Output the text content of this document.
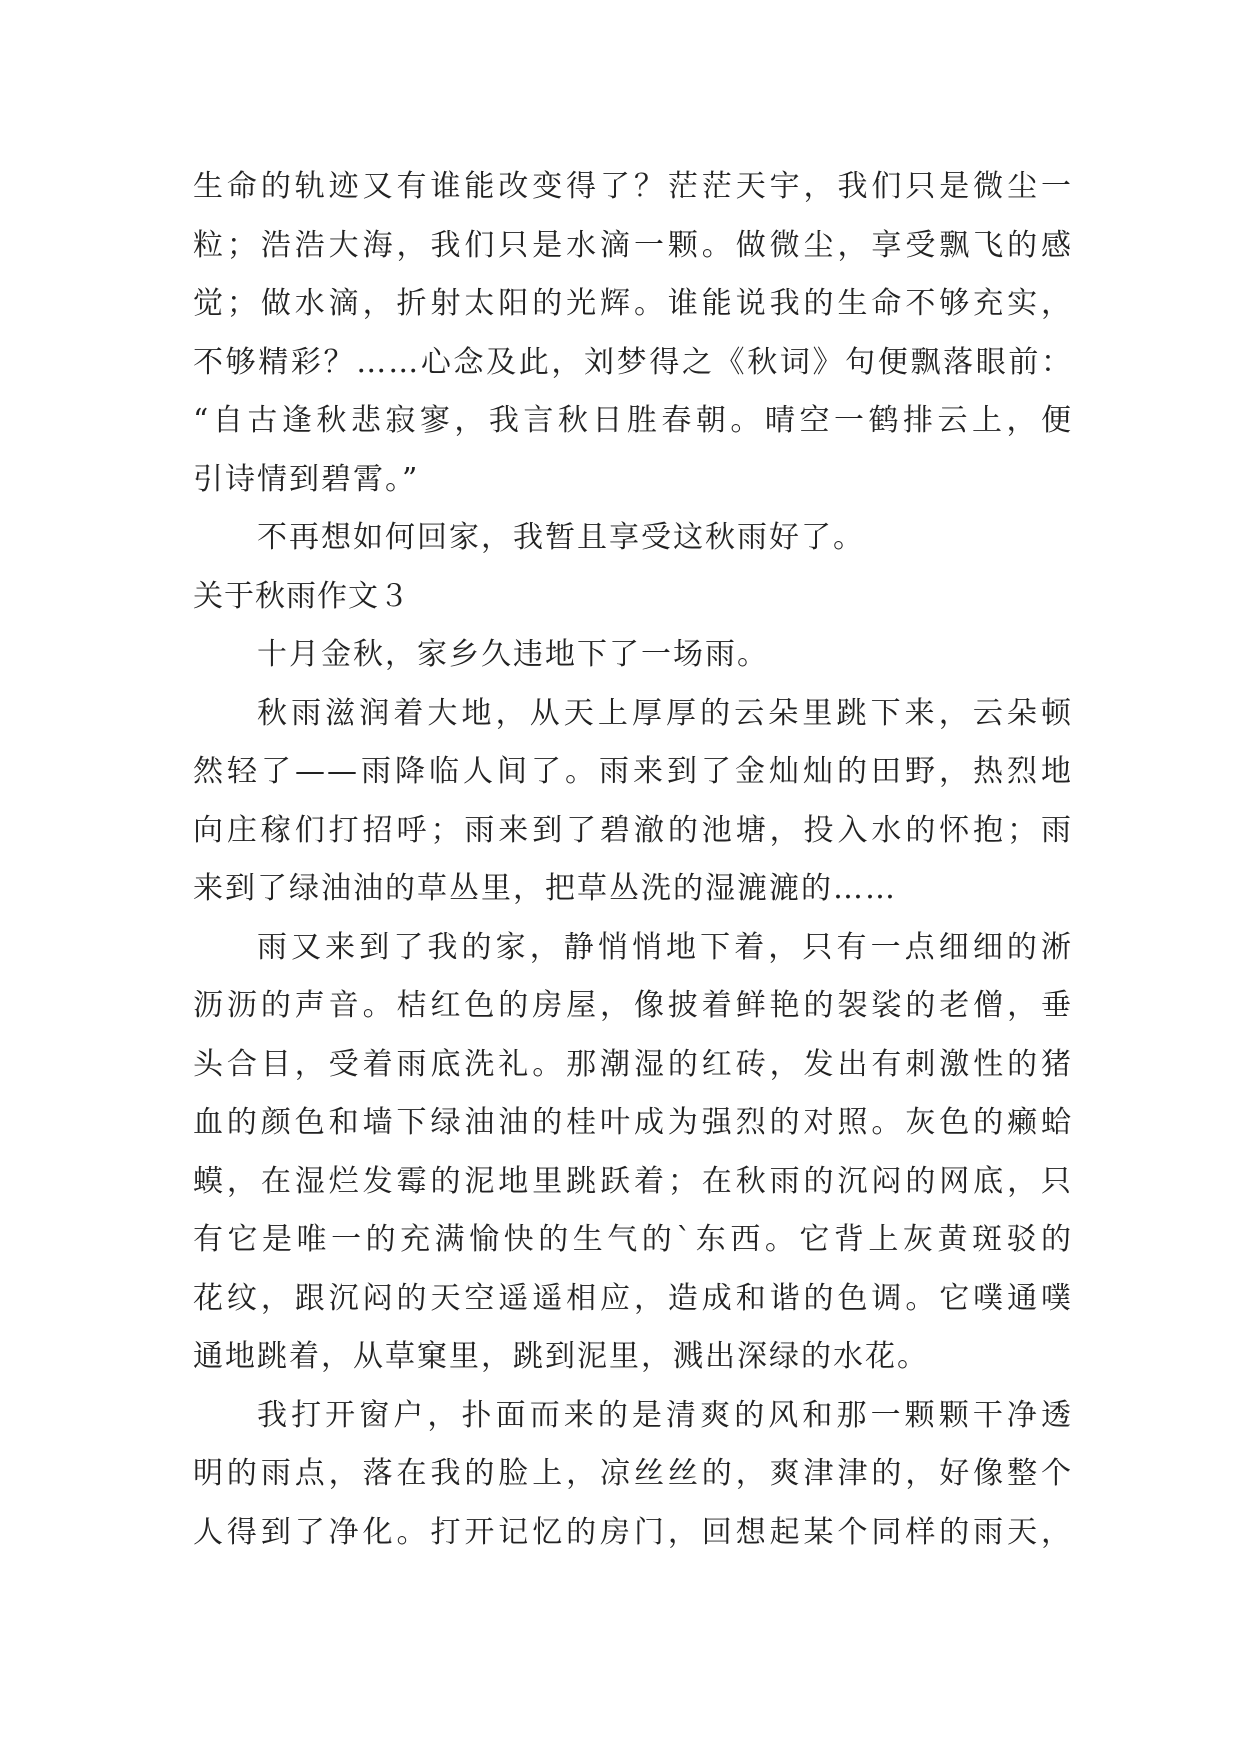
生命的轨迹又有谁能改变得了？茫茫天宇，我们只是微尘一
粒；浩浩大海，我们只是水滴一颗。做微尘，享受飘飞的感
觉；做水滴，折射太阳的光辉。谁能说我的生命不够充实，
不够精彩？……心念及此，刘梦得之《秋词》句便飘落眼前：
“自古逢秋悲寂寥，我言秋日胜春朝。晴空一鹤排云上，便
引诗情到碧霄。”
不再想如何回家，我暂且享受这秋雨好了。
关于秋雨作文３
十月金秋，家乡久违地下了一场雨。
秋雨滋润着大地，从天上厚厚的云朵里跳下来，云朵顿
然轻了——雨降临人间了。雨来到了金灿灿的田野，热烈地
向庄稼们打招呼；雨来到了碧澈的池塘，投入水的怀抱；雨
来到了绿油油的草丛里，把草丛洗的湿漉漉的……
雨又来到了我的家，静悄悄地下着，只有一点细细的淅
沥沥的声音。桔红色的房屋，像披着鲜艳的袈裟的老僧，垂
头合目，受着雨底洗礼。那潮湿的红砖，发出有刺激性的猪
血的颜色和墙下绿油油的桂叶成为强烈的对照。灰色的癞蛤
蟆，在湿烂发霉的泥地里跳跃着；在秋雨的沉闷的网底，只
有它是唯一的充满愉快的生气的`东西。它背上灰黄斑驳的
花纹，跟沉闷的天空遥遥相应，造成和谐的色调。它噗通噗
通地跳着，从草窠里，跳到泥里，溅出深绿的水花。
我打开窗户，扑面而来的是清爽的风和那一颗颗干净透
明的雨点，落在我的脸上，凉丝丝的，爽津津的，好像整个
人得到了净化。打开记忆的房门，回想起某个同样的雨天，
